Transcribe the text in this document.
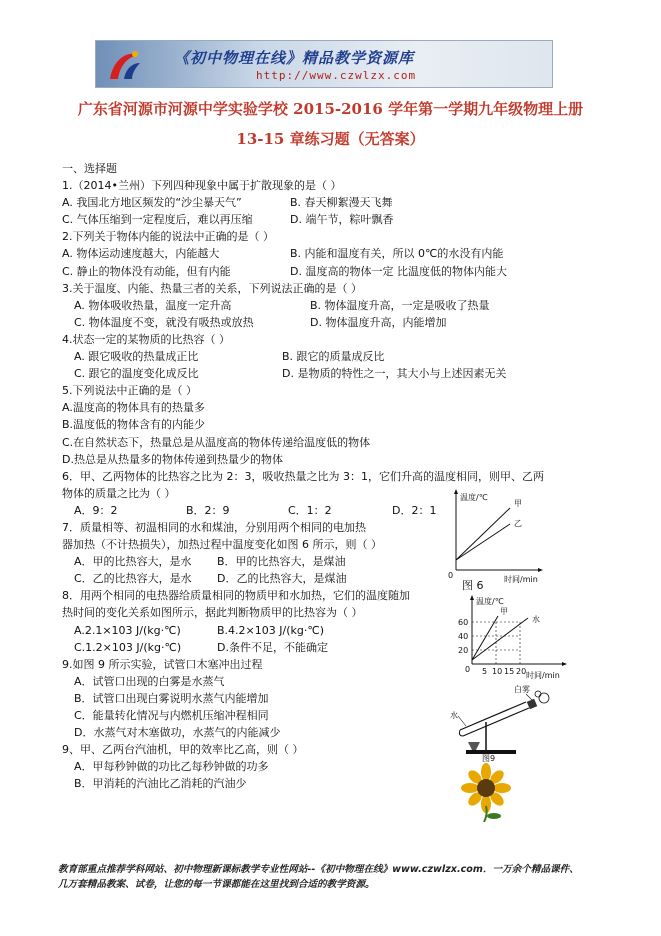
《初中物理在线》精品教学资源库
http://www.czwlzx.com
广东省河源市河源中学实验学校 2015-2016 学年第一学期九年级物理上册
13-15 章练习题（无答案）
一、选择题
1.（2014•兰州）下列四种现象中属于扩散现象的是（ ）
A. 我国北方地区频发的“沙尘暴天气”	B. 春天柳絮漫天飞舞
C. 气体压缩到一定程度后，难以再压缩	D. 端午节，粽叶飘香
2.下列关于物体内能的说法中正确的是（ ）
A. 物体运动速度越大，内能越大	B. 内能和温度有关，所以 0℃的水没有内能
C. 静止的物体没有动能，但有内能	D. 温度高的物体一定 比温度低的物体内能大
3.关于温度、内能、热量三者的关系，下列说法正确的是（ ）
A. 物体吸收热量，温度一定升高	B. 物体温度升高，一定是吸收了热量
C. 物体温度不变，就没有吸热或放热	D. 物体温度升高，内能增加
4.状态一定的某物质的比热容（ ）
A. 跟它吸收的热量成正比	B. 跟它的质量成反比
C. 跟它的温度变化成反比	D. 是物质的特性之一，其大小与上述因素无关
5.下列说法中正确的是（ ）
A.温度高的物体具有的热量多
B.温度低的物体含有的内能少
C.在自然状态下，热量总是从温度高的物体传递给温度低的物体
D.热总是从热量多的物体传递到热量少的物体
6．甲、乙两物体的比热容之比为 2：3，吸收热量之比为 3：1，它们升高的温度相同，则甲、乙两
物体的质量之比为（ ）
A．9：2	B．2：9	C．1：2	D．2：1
7．质量相等、初温相同的水和煤油，分别用两个相同的电加热
器加热（不计热损失），加热过程中温度变化如图 6 所示，则（ ）
A．甲的比热容大，是水 B．甲的比热容大，是煤油
C．乙的比热容大，是水 D．乙的比热容大，是煤油
8．用两个相同的电热器给质量相同的物质甲和水加热，它们的温度随加
热时间的变化关系如图所示，据此判断物质甲的比热容为（ ）
A.2.1×103 J/(kg·℃)	B.4.2×103 J/(kg·℃)
C.1.2×103 J/(kg·℃)	D.条件不足，不能确定
9.如图 9 所示实验，试管口木塞冲出过程
A．试管口出现的白雾是水蒸气
B．试管口出现白雾说明水蒸气内能增加
C．能量转化情况与内燃机压缩冲程相同
D．水蒸气对木塞做功，水蒸气的内能减少
9、甲、乙两台汽油机，甲的效率比乙高，则（ ）
A．甲每秒钟做的功比乙每秒钟做的功多
B．甲消耗的汽油比乙消耗的汽油少
温度/℃
时间/min
甲
乙
0
图 6
温度/℃
时间/min
60
40
20
5 10 15 20
0
甲
水
白雾
水
图9
教育部重点推荐学科网站、初中物理新课标教学专业性网站--《初中物理在线》www.czwlzx.com．一万余个精品课件、
几万套精品教案、试卷，让您的每一节课都能在这里找到合适的教学资源。
